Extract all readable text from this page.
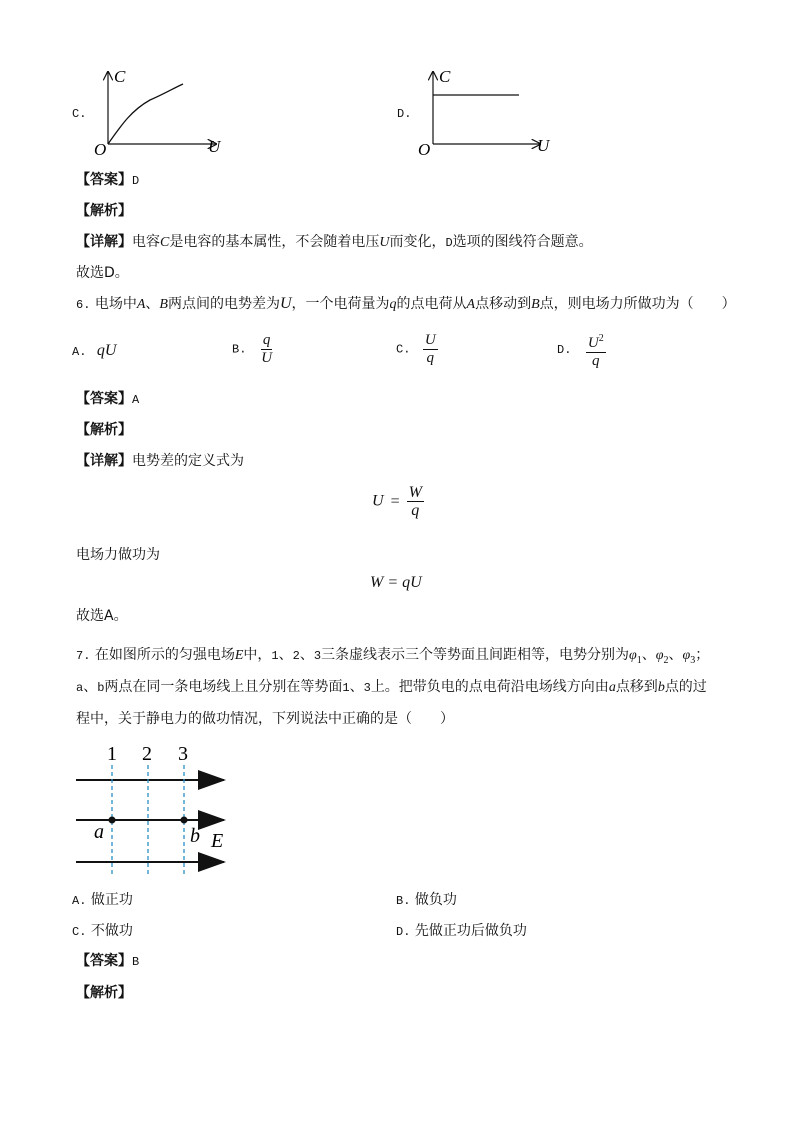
C.
C
U
O
D.
C
U
O
【答案】D
【解析】
【详解】电容C是电容的基本属性，不会随着电压U而变化，D选项的图线符合题意。
故选D。
6. 电场中A、B两点间的电势差为U，一个电荷量为q的点电荷从A点移动到B点，则电场力所做功为（ ）
A. qU	B. $\frac{q}{U}$	C. $\frac{U}{q}$	D. $\frac{U^2}{q}$
【答案】A
【解析】
【详解】电势差的定义式为
$U = \frac{W}{q}$
电场力做功为
W = qU
故选A。
7. 在如图所示的匀强电场E中，1、2、3三条虚线表示三个等势面且间距相等，电势分别为$\varphi_1$、$\varphi_2$、$\varphi_3$；
a、b两点在同一条电场线上且分别在等势面1、3上。把带负电的点电荷沿电场线方向由a点移到b点的过
程中，关于静电力的做功情况，下列说法中正确的是（　　）
1 2 3
a	b E
A. 做正功	B. 做负功
C. 不做功	D. 先做正功后做负功
【答案】B
【解析】
